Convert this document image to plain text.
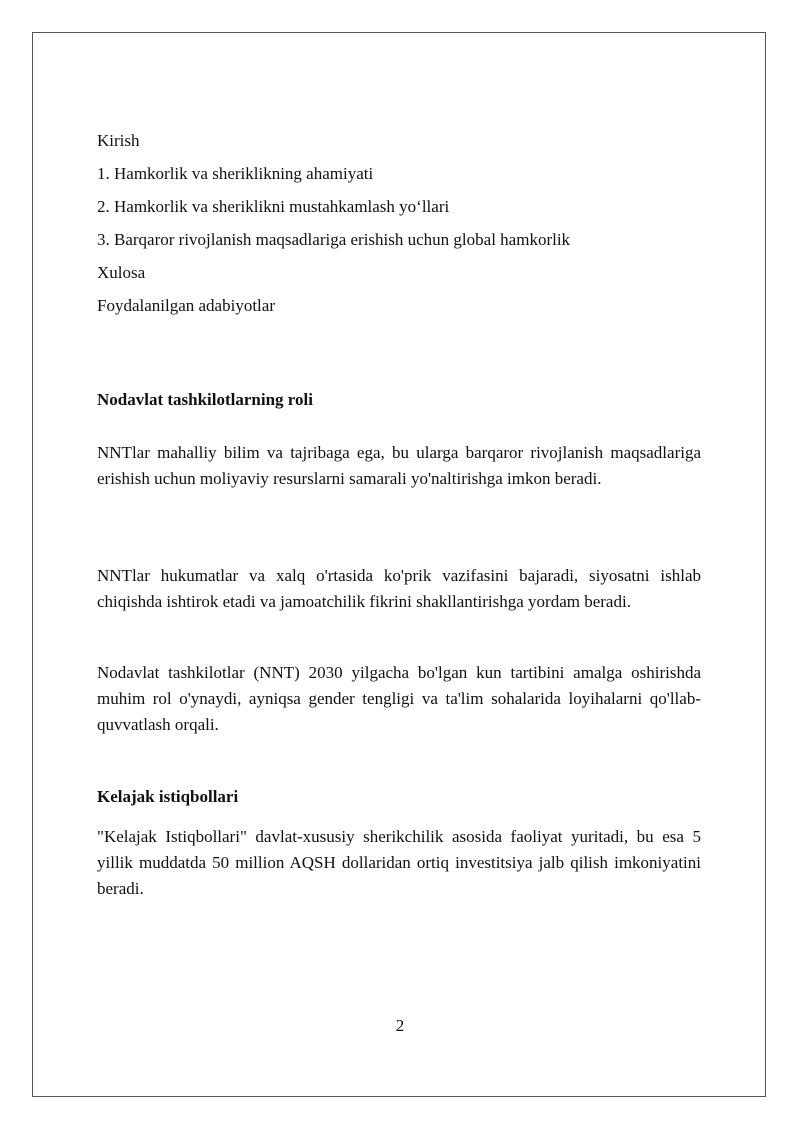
Kirish
1. Hamkorlik va sheriklikning ahamiyati
2. Hamkorlik va sheriklikni mustahkamlash yo‘llari
3. Barqaror rivojlanish maqsadlariga erishish uchun global hamkorlik
Xulosa
Foydalanilgan adabiyotlar
Nodavlat tashkilotlarning roli
NNTlar mahalliy bilim va tajribaga ega, bu ularga barqaror rivojlanish maqsadlariga erishish uchun moliyaviy resurslarni samarali yo'naltirishga imkon beradi.
NNTlar hukumatlar va xalq o'rtasida ko'prik vazifasini bajaradi, siyosatni ishlab chiqishda ishtirok etadi va jamoatchilik fikrini shakllantirishga yordam beradi.
Nodavlat tashkilotlar (NNT) 2030 yilgacha bo'lgan kun tartibini amalga oshirishda muhim rol o'ynaydi, ayniqsa gender tengligi va ta'lim sohalarida loyihalarni qo'llab-quvvatlash orqali.
Kelajak istiqbollari
"Kelajak Istiqbollari" davlat-xususiy sherikchilik asosida faoliyat yuritadi, bu esa 5 yillik muddatda 50 million AQSH dollaridan ortiq investitsiya jalb qilish imkoniyatini beradi.
2
